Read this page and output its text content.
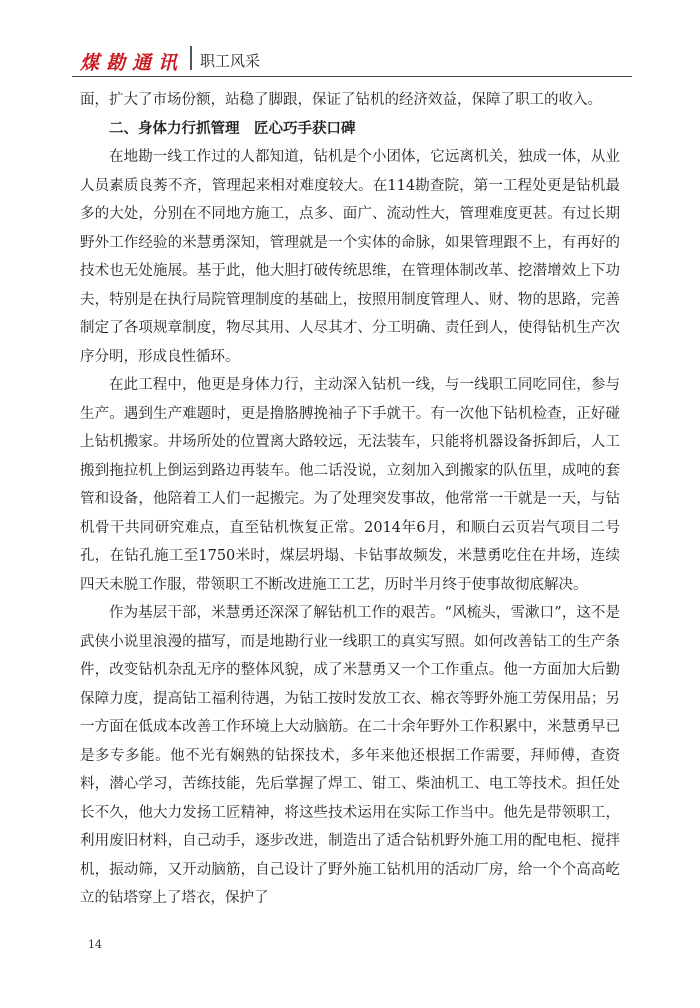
煤勘通讯 职工风采

面，扩大了市场份额，站稳了脚跟，保证了钻机的经济效益，保障了职工的收入。

二、身体力行抓管理　匠心巧手获口碑

在地勘一线工作过的人都知道，钻机是个小团体，它远离机关，独成一体，从业人员素质良莠不齐，管理起来相对难度较大。在114勘查院，第一工程处更是钻机最多的大处，分别在不同地方施工，点多、面广、流动性大，管理难度更甚。有过长期野外工作经验的米慧勇深知，管理就是一个实体的命脉，如果管理跟不上，有再好的技术也无处施展。基于此，他大胆打破传统思维，在管理体制改革、挖潜增效上下功夫，特别是在执行局院管理制度的基础上，按照用制度管理人、财、物的思路，完善制定了各项规章制度，物尽其用、人尽其才、分工明确、责任到人，使得钻机生产次序分明，形成良性循环。

在此工程中，他更是身体力行，主动深入钻机一线，与一线职工同吃同住，参与生产。遇到生产难题时，更是撸胳膊挽袖子下手就干。有一次他下钻机检查，正好碰上钻机搬家。井场所处的位置离大路较远，无法装车，只能将机器设备拆卸后，人工搬到拖拉机上倒运到路边再装车。他二话没说，立刻加入到搬家的队伍里，成吨的套管和设备，他陪着工人们一起搬完。为了处理突发事故，他常常一干就是一天，与钻机骨干共同研究难点，直至钻机恢复正常。2014年6月，和顺白云页岩气项目二号孔，在钻孔施工至1750米时，煤层坍塌、卡钻事故频发，米慧勇吃住在井场，连续四天未脱工作服，带领职工不断改进施工工艺，历时半月终于使事故彻底解决。

作为基层干部，米慧勇还深深了解钻机工作的艰苦。“风梳头，雪漱口”，这不是武侠小说里浪漫的描写，而是地勘行业一线职工的真实写照。如何改善钻工的生产条件，改变钻机杂乱无序的整体风貌，成了米慧勇又一个工作重点。他一方面加大后勤保障力度，提高钻工福利待遇，为钻工按时发放工衣、棉衣等野外施工劳保用品；另一方面在低成本改善工作环境上大动脑筋。在二十余年野外工作积累中，米慧勇早已是多专多能。他不光有娴熟的钻探技术，多年来他还根据工作需要，拜师傅，查资料，潜心学习，苦练技能，先后掌握了焊工、钳工、柴油机工、电工等技术。担任处长不久，他大力发扬工匠精神，将这些技术运用在实际工作当中。他先是带领职工，利用废旧材料，自己动手，逐步改进，制造出了适合钻机野外施工用的配电柜、搅拌机，振动筛，又开动脑筋，自己设计了野外施工钻机用的活动厂房，给一个个高高屹立的钻塔穿上了塔衣，保护了

14
